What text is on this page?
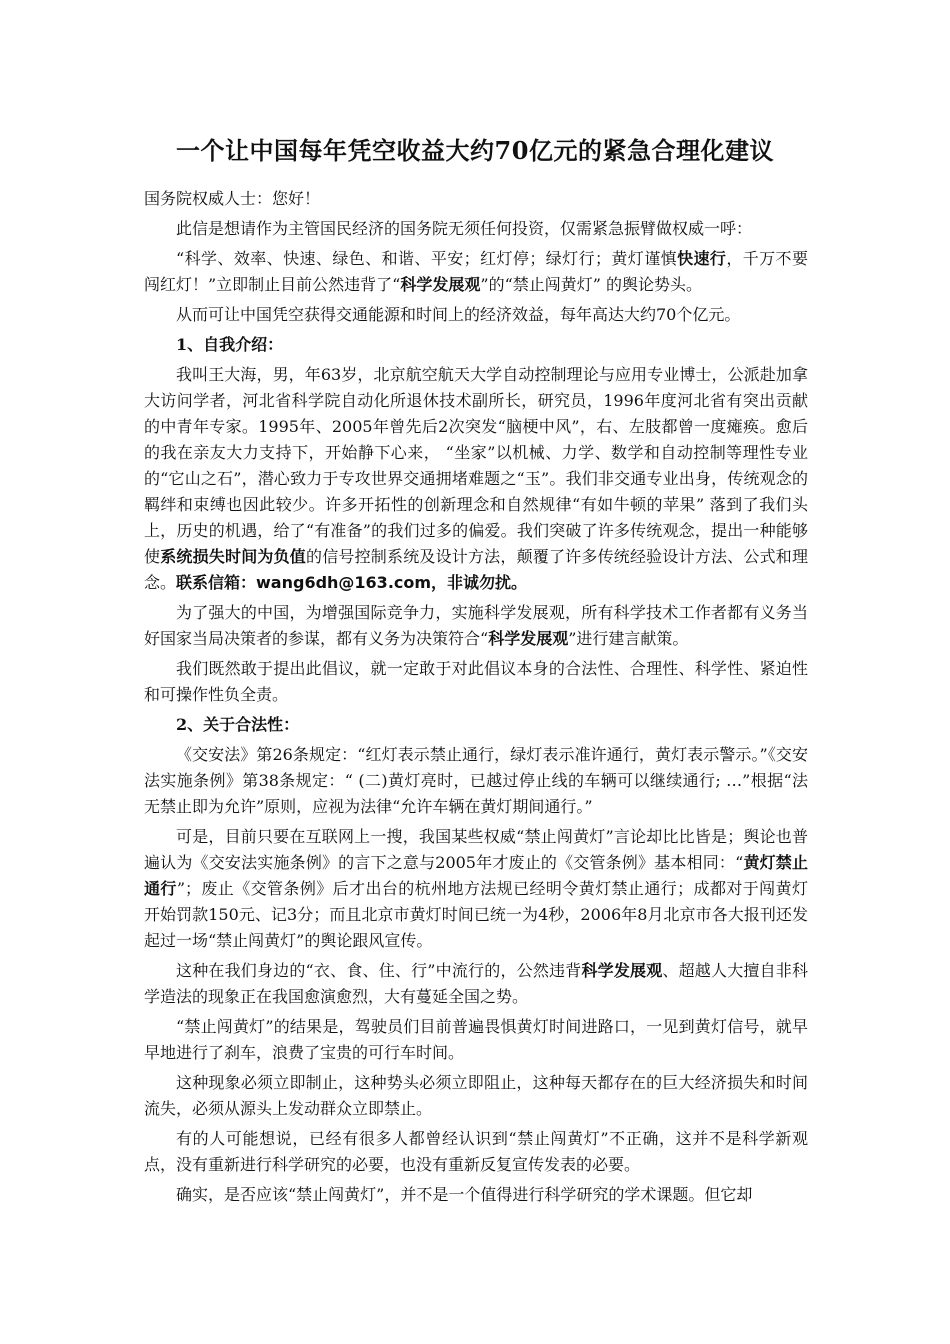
一个让中国每年凭空收益大约70亿元的紧急合理化建议

国务院权威人士：您好！

此信是想请作为主管国民经济的国务院无须任何投资，仅需紧急振臂做权威一呼：

“科学、效率、快速、绿色、和谐、平安；红灯停；绿灯行；黄灯谨慎快速行，千万不要闯红灯！”立即制止目前公然违背了“科学发展观”的“禁止闯黄灯” 的舆论势头。

从而可让中国凭空获得交通能源和时间上的经济效益，每年高达大约70个亿元。

1、自我介绍：

我叫王大海，男，年63岁，北京航空航天大学自动控制理论与应用专业博士，公派赴加拿大访问学者，河北省科学院自动化所退休技术副所长，研究员，1996年度河北省有突出贡献的中青年专家。1995年、2005年曾先后2次突发“脑梗中风”，右、左肢都曾一度瘫痪。愈后的我在亲友大力支持下，开始静下心来， “坐家”以机械、力学、数学和自动控制等理性专业的“它山之石”，潜心致力于专攻世界交通拥堵难题之“玉”。我们非交通专业出身，传统观念的羁绊和束缚也因此较少。许多开拓性的创新理念和自然规律“有如牛顿的苹果” 落到了我们头上，历史的机遇，给了“有准备”的我们过多的偏爱。我们突破了许多传统观念，提出一种能够使系统损失时间为负值的信号控制系统及设计方法，颠覆了许多传统经验设计方法、公式和理念。联系信箱：wang6dh@163.com，非诚勿扰。

为了强大的中国，为增强国际竞争力，实施科学发展观，所有科学技术工作者都有义务当好国家当局决策者的参谋，都有义务为决策符合“科学发展观”进行建言献策。

我们既然敢于提出此倡议，就一定敢于对此倡议本身的合法性、合理性、科学性、紧迫性和可操作性负全责。

2、关于合法性：

《交安法》第26条规定：“红灯表示禁止通行，绿灯表示准许通行，黄灯表示警示。”《交安法实施条例》第38条规定：“ (二)黄灯亮时，已越过停止线的车辆可以继续通行; …”根据“法无禁止即为允许”原则，应视为法律“允许车辆在黄灯期间通行。”

可是，目前只要在互联网上一搜，我国某些权威“禁止闯黄灯”言论却比比皆是；舆论也普遍认为《交安法实施条例》的言下之意与2005年才废止的《交管条例》基本相同：“黄灯禁止通行”；废止《交管条例》后才出台的杭州地方法规已经明令黄灯禁止通行；成都对于闯黄灯开始罚款150元、记3分；而且北京市黄灯时间已统一为4秒，2006年8月北京市各大报刊还发起过一场“禁止闯黄灯”的舆论跟风宣传。

这种在我们身边的“衣、食、住、行”中流行的，公然违背科学发展观、超越人大擅自非科学造法的现象正在我国愈演愈烈，大有蔓延全国之势。

“禁止闯黄灯”的结果是，驾驶员们目前普遍畏惧黄灯时间进路口，一见到黄灯信号，就早早地进行了刹车，浪费了宝贵的可行车时间。

这种现象必须立即制止，这种势头必须立即阻止，这种每天都存在的巨大经济损失和时间流失，必须从源头上发动群众立即禁止。

有的人可能想说，已经有很多人都曾经认识到“禁止闯黄灯”不正确，这并不是科学新观点，没有重新进行科学研究的必要，也没有重新反复宣传发表的必要。

确实，是否应该“禁止闯黄灯”，并不是一个值得进行科学研究的学术课题。但它却
